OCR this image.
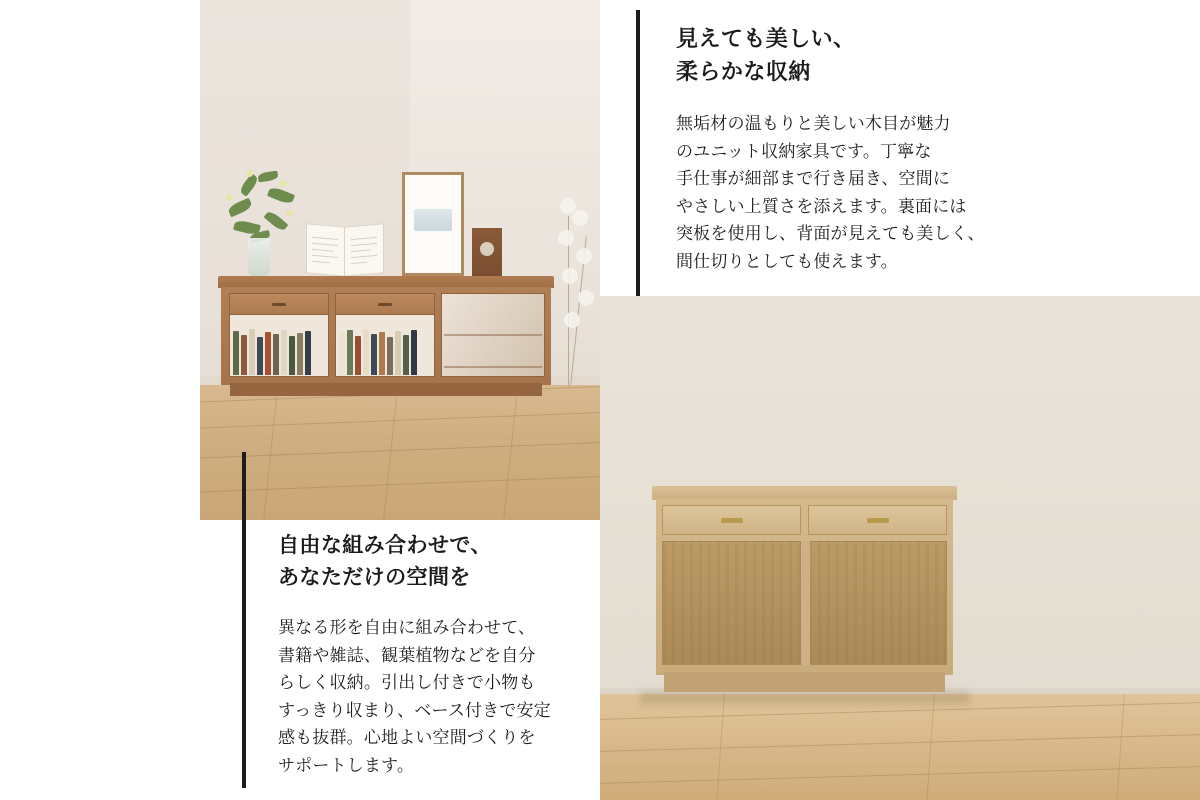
見えても美しい、
柔らかな収納
無垢材の温もりと美しい木目が魅力
のユニット収納家具です。丁寧な
手仕事が細部まで行き届き、空間に
やさしい上質さを添えます。裏面には
突板を使用し、背面が見えても美しく、
間仕切りとしても使えます。
自由な組み合わせで、
あなただけの空間を
異なる形を自由に組み合わせて、
書籍や雑誌、観葉植物などを自分
らしく収納。引出し付きで小物も
すっきり収まり、ベース付きで安定
感も抜群。心地よい空間づくりを
サポートします。
